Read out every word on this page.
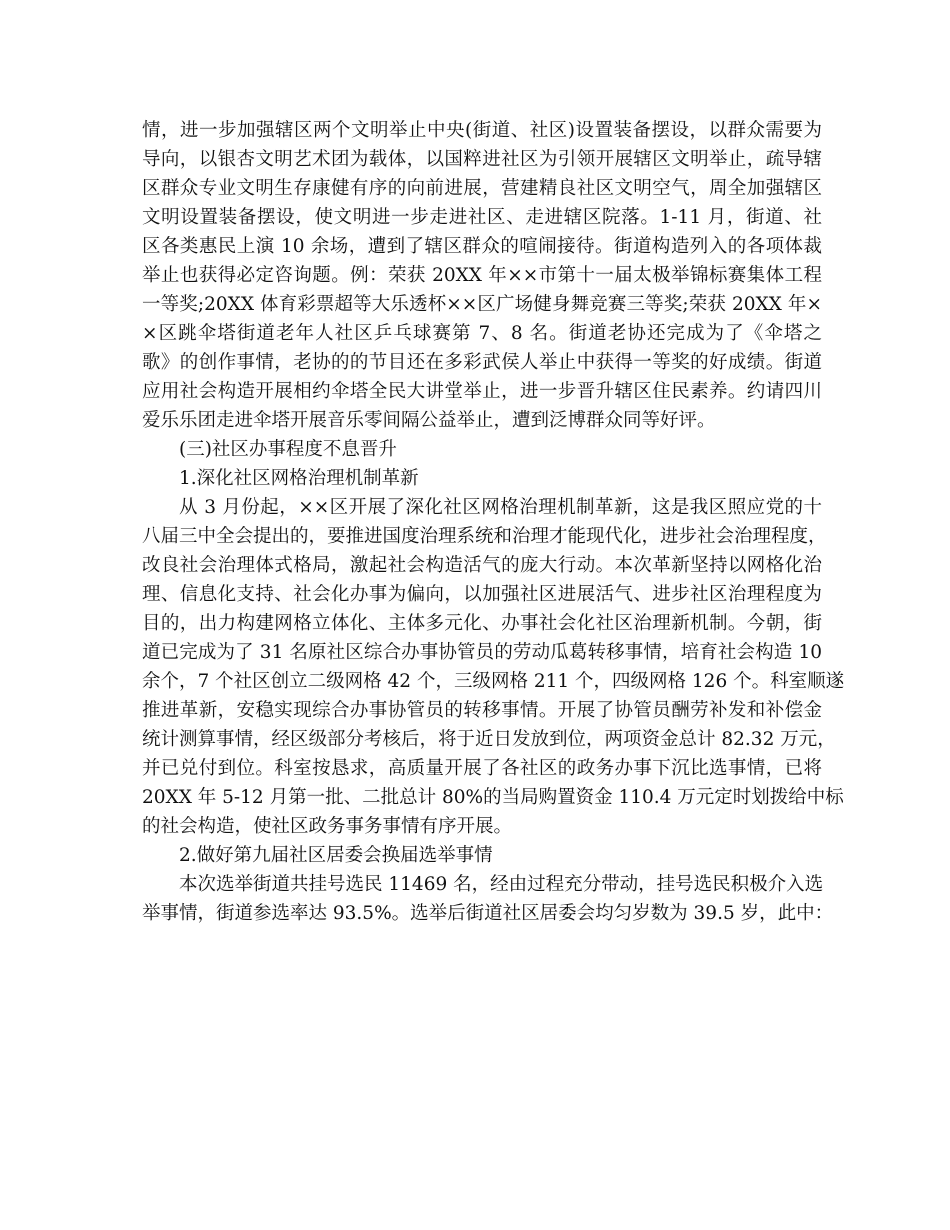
情，进一步加强辖区两个文明举止中央(街道、社区)设置装备摆设，以群众需要为
导向，以银杏文明艺术团为载体，以国粹进社区为引领开展辖区文明举止，疏导辖
区群众专业文明生存康健有序的向前进展，营建精良社区文明空气，周全加强辖区
文明设置装备摆设，使文明进一步走进社区、走进辖区院落。1-11 月，街道、社
区各类惠民上演 10 余场，遭到了辖区群众的喧闹接待。街道构造列入的各项体裁
举止也获得必定咨询题。例：荣获 20XX 年××市第十一届太极举锦标赛集体工程
一等奖;20XX 体育彩票超等大乐透杯××区广场健身舞竞赛三等奖;荣获 20XX 年×
×区跳伞塔街道老年人社区乒乓球赛第 7、8 名。街道老协还完成为了《伞塔之
歌》的创作事情，老协的的节目还在多彩武侯人举止中获得一等奖的好成绩。街道
应用社会构造开展相约伞塔全民大讲堂举止，进一步晋升辖区住民素养。约请四川
爱乐乐团走进伞塔开展音乐零间隔公益举止，遭到泛博群众同等好评。
(三)社区办事程度不息晋升
1.深化社区网格治理机制革新
从 3 月份起，××区开展了深化社区网格治理机制革新，这是我区照应党的十
八届三中全会提出的，要推进国度治理系统和治理才能现代化，进步社会治理程度，
改良社会治理体式格局，激起社会构造活气的庞大行动。本次革新坚持以网格化治
理、信息化支持、社会化办事为偏向，以加强社区进展活气、进步社区治理程度为
目的，出力构建网格立体化、主体多元化、办事社会化社区治理新机制。今朝，街
道已完成为了 31 名原社区综合办事协管员的劳动瓜葛转移事情，培育社会构造 10
余个，7 个社区创立二级网格 42 个，三级网格 211 个，四级网格 126 个。科室顺遂
推进革新，安稳实现综合办事协管员的转移事情。开展了协管员酬劳补发和补偿金
统计测算事情，经区级部分考核后，将于近日发放到位，两项资金总计 82.32 万元，
并已兑付到位。科室按恳求，高质量开展了各社区的政务办事下沉比选事情，已将
20XX 年 5-12 月第一批、二批总计 80%的当局购置资金 110.4 万元定时划拨给中标
的社会构造，使社区政务事务事情有序开展。
2.做好第九届社区居委会换届选举事情
本次选举街道共挂号选民 11469 名，经由过程充分带动，挂号选民积极介入选
举事情，街道参选率达 93.5%。选举后街道社区居委会均匀岁数为 39.5 岁，此中：
